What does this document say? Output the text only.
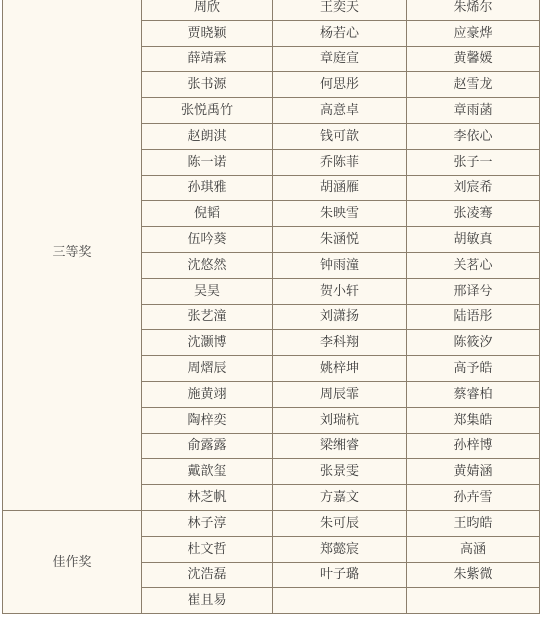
三等奖	周欣	王奕天	朱烯尔
	贾晓颖	杨若心	应豪烨
	薛靖霖	章庭宣	黄馨媛
	张书源	何思彤	赵雪龙
	张悦禹竹	高意卓	章雨菡
	赵朗淇	钱可歆	李依心
	陈一诺	乔陈菲	张子一
	孙琪雅	胡涵雁	刘宸希
	倪韬	朱映雪	张凌骞
	伍吟葵	朱涵悦	胡敏真
	沈悠然	钟雨潼	关茗心
	吴昊	贺小轩	邢译兮
	张艺潼	刘潇扬	陆语彤
	沈灏博	李科翔	陈筱汐
	周熠辰	姚梓坤	高予皓
	施黄翊	周辰霏	蔡睿柏
	陶梓奕	刘瑞杭	郑集皓
	俞露露	梁缃睿	孙梓博
	戴歆玺	张景雯	黄婧涵
	林芝帆	方嘉文	孙卉雪
佳作奖	林子淳	朱可辰	王昀皓
	杜文哲	郑懿宸	高涵
	沈浩磊	叶子璐	朱紫微
	崔且易		
